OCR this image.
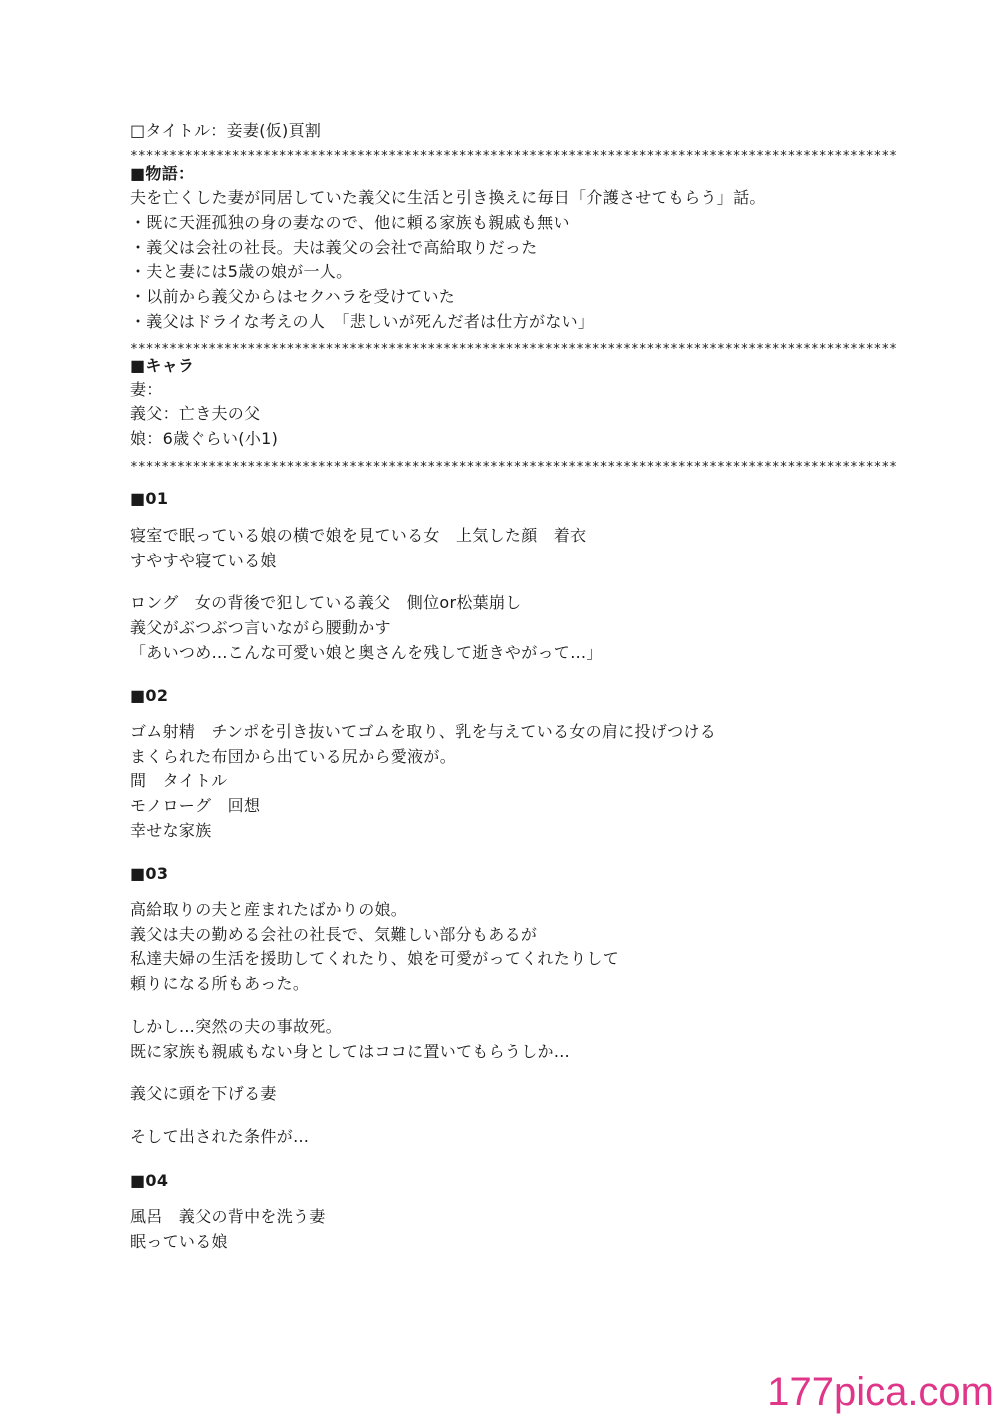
□タイトル：妾妻(仮)頁割
**************************************************************************************************
■物語：
夫を亡くした妻が同居していた義父に生活と引き換えに毎日「介護させてもらう」話。
・既に天涯孤独の身の妻なので、他に頼る家族も親戚も無い
・義父は会社の社長。夫は義父の会社で高給取りだった
・夫と妻には5歳の娘が一人。
・以前から義父からはセクハラを受けていた
・義父はドライな考えの人　「悲しいが死んだ者は仕方がない」
**************************************************************************************************
■キャラ
妻：
義父：亡き夫の父
娘：6歳ぐらい(小1)
**************************************************************************************************
■01
寝室で眠っている娘の横で娘を見ている女　上気した顔　着衣
すやすや寝ている娘
ロング　女の背後で犯している義父　側位or松葉崩し
義父がぶつぶつ言いながら腰動かす
「あいつめ…こんな可愛い娘と奥さんを残して逝きやがって…」
■02
ゴム射精　チンポを引き抜いてゴムを取り、乳を与えている女の肩に投げつける
まくられた布団から出ている尻から愛液が。
間　タイトル
モノローグ　回想
幸せな家族
■03
高給取りの夫と産まれたばかりの娘。
義父は夫の勤める会社の社長で、気難しい部分もあるが
私達夫婦の生活を援助してくれたり、娘を可愛がってくれたりして
頼りになる所もあった。
しかし…突然の夫の事故死。
既に家族も親戚もない身としてはココに置いてもらうしか…
義父に頭を下げる妻
そして出された条件が…
■04
風呂　義父の背中を洗う妻
眠っている娘
177pica.com
